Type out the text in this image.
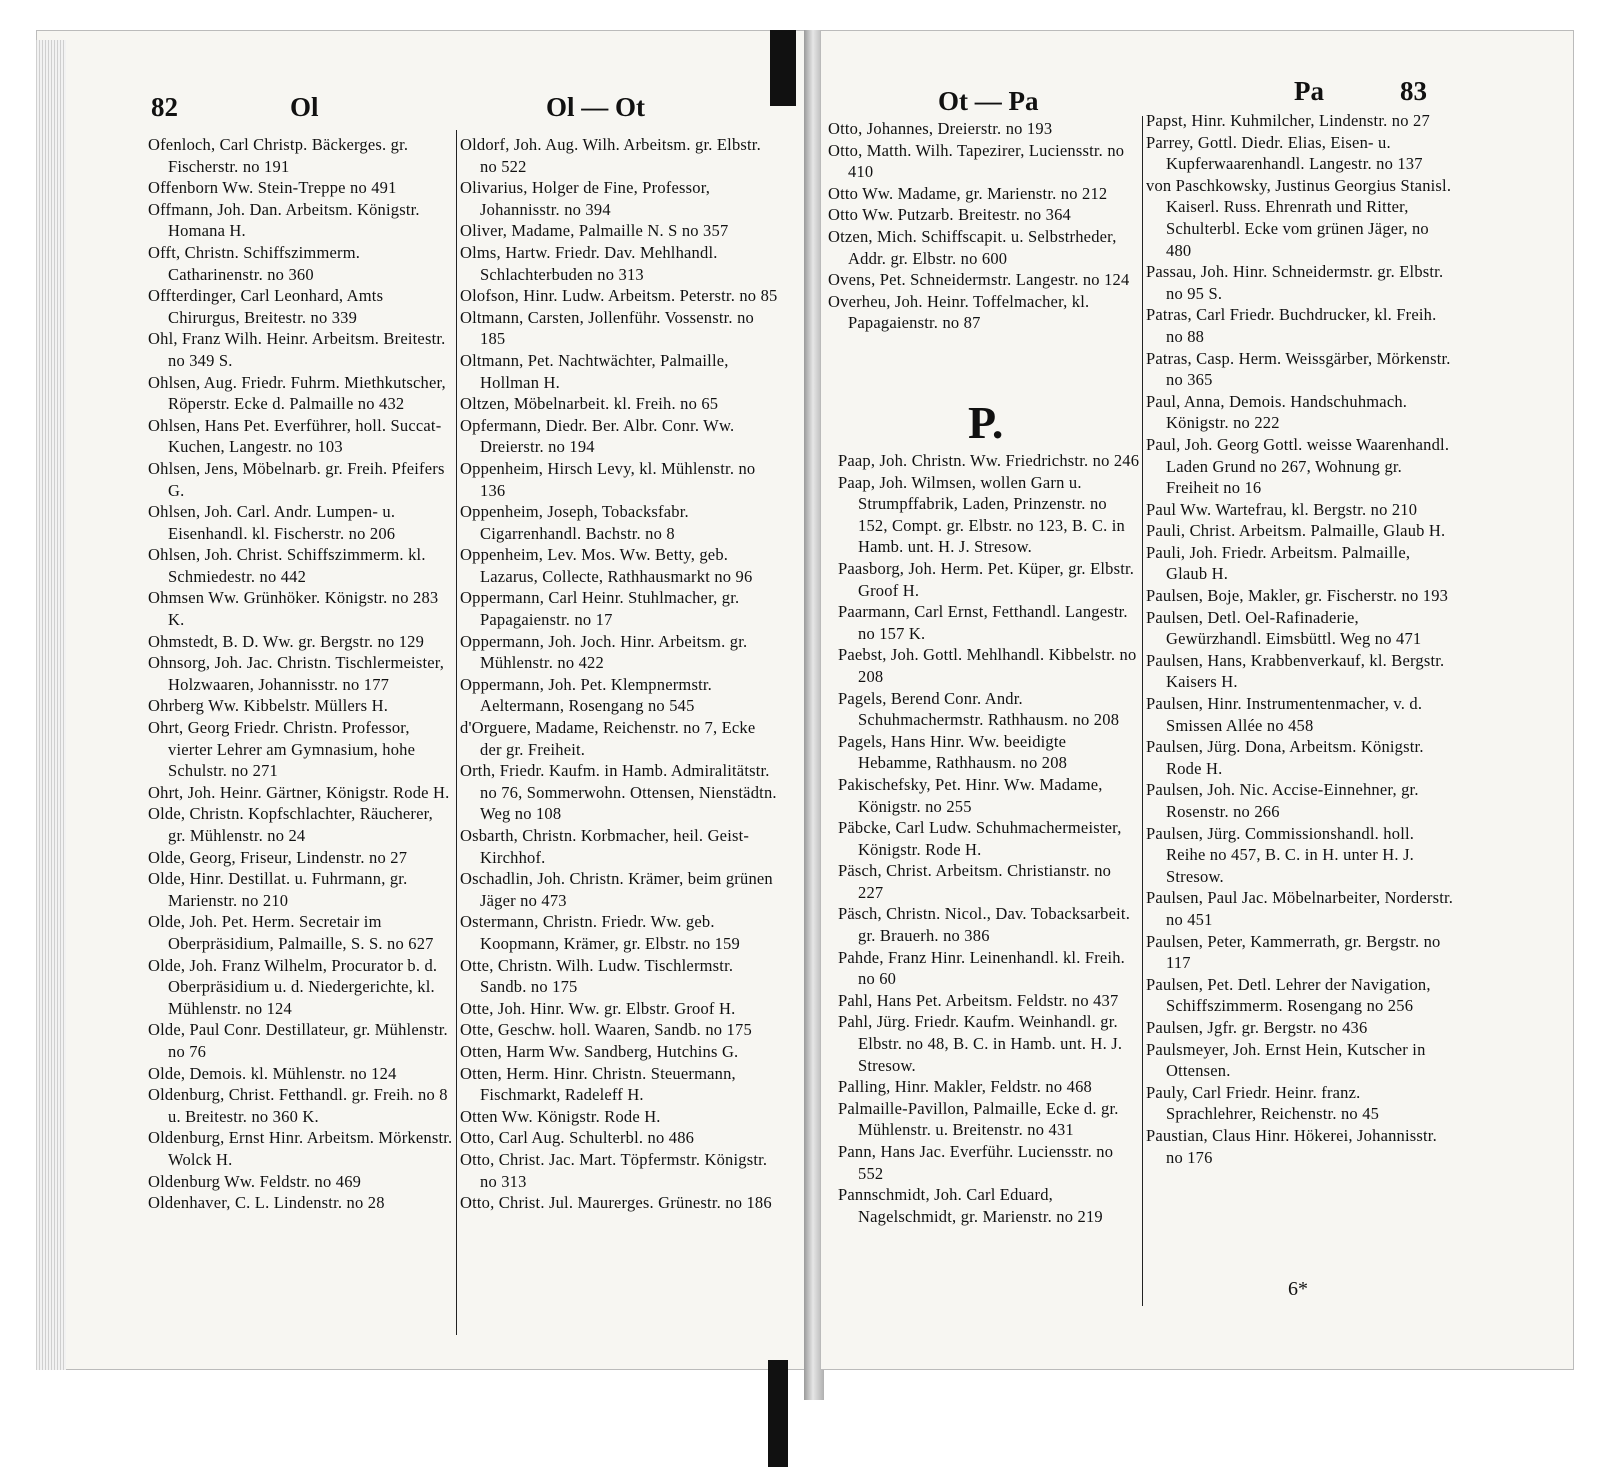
82	Ol	Ol — Ot

Ofenloch, Carl Christp. Bäckerges. gr. Fischerstr. no 191

Offenborn Ww. Stein-Treppe no 491

Offmann, Joh. Dan. Arbeitsm. Königstr. Homana H.

Offt, Christn. Schiffszimmerm. Catharinenstr. no 360

Offterdinger, Carl Leonhard, Amts Chirurgus, Breitestr. no 339

Ohl, Franz Wilh. Heinr. Arbeitsm. Breitestr. no 349 S.

Ohlsen, Aug. Friedr. Fuhrm. Miethkutscher, Röperstr. Ecke d. Palmaille no 432

Ohlsen, Hans Pet. Everführer, holl. Succat-Kuchen, Langestr. no 103

Ohlsen, Jens, Möbelnarb. gr. Freih. Pfeifers G.

Ohlsen, Joh. Carl. Andr. Lumpen- u. Eisenhandl. kl. Fischerstr. no 206

Ohlsen, Joh. Christ. Schiffszimmerm. kl. Schmiedestr. no 442

Ohmsen Ww. Grünhöker. Königstr. no 283 K.

Ohmstedt, B. D. Ww. gr. Bergstr. no 129

Ohnsorg, Joh. Jac. Christn. Tischlermeister, Holzwaaren, Johannisstr. no 177

Ohrberg Ww. Kibbelstr. Müllers H.

Ohrt, Georg Friedr. Christn. Professor, vierter Lehrer am Gymnasium, hohe Schulstr. no 271

Ohrt, Joh. Heinr. Gärtner, Königstr. Rode H.

Olde, Christn. Kopfschlachter, Räucherer, gr. Mühlenstr. no 24

Olde, Georg, Friseur, Lindenstr. no 27

Olde, Hinr. Destillat. u. Fuhrmann, gr. Marienstr. no 210

Olde, Joh. Pet. Herm. Secretair im Oberpräsidium, Palmaille, S. S. no 627

Olde, Joh. Franz Wilhelm, Procurator b. d. Oberpräsidium u. d. Niedergerichte, kl. Mühlenstr. no 124

Olde, Paul Conr. Destillateur, gr. Mühlenstr. no 76

Olde, Demois. kl. Mühlenstr. no 124

Oldenburg, Christ. Fetthandl. gr. Freih. no 8 u. Breitestr. no 360 K.

Oldenburg, Ernst Hinr. Arbeitsm. Mörkenstr. Wolck H.

Oldenburg Ww. Feldstr. no 469

Oldenhaver, C. L. Lindenstr. no 28

Oldorf, Joh. Aug. Wilh. Arbeitsm. gr. Elbstr. no 522

Olivarius, Holger de Fine, Professor, Johannisstr. no 394

Oliver, Madame, Palmaille N. S no 357

Olms, Hartw. Friedr. Dav. Mehlhandl. Schlachterbuden no 313

Olofson, Hinr. Ludw. Arbeitsm. Peterstr. no 85

Oltmann, Carsten, Jollenführ. Vossenstr. no 185

Oltmann, Pet. Nachtwächter, Palmaille, Hollman H.

Oltzen, Möbelnarbeit. kl. Freih. no 65

Opfermann, Diedr. Ber. Albr. Conr. Ww. Dreierstr. no 194

Oppenheim, Hirsch Levy, kl. Mühlenstr. no 136

Oppenheim, Joseph, Tobacksfabr. Cigarrenhandl. Bachstr. no 8

Oppenheim, Lev. Mos. Ww. Betty, geb. Lazarus, Collecte, Rathhausmarkt no 96

Oppermann, Carl Heinr. Stuhlmacher, gr. Papagaienstr. no 17

Oppermann, Joh. Joch. Hinr. Arbeitsm. gr. Mühlenstr. no 422

Oppermann, Joh. Pet. Klempnermstr. Aeltermann, Rosengang no 545

d'Orguere, Madame, Reichenstr. no 7, Ecke der gr. Freiheit.

Orth, Friedr. Kaufm. in Hamb. Admiralitätstr. no 76, Sommerwohn. Ottensen, Nienstädtn. Weg no 108

Osbarth, Christn. Korbmacher, heil. Geist-Kirchhof.

Oschadlin, Joh. Christn. Krämer, beim grünen Jäger no 473

Ostermann, Christn. Friedr. Ww. geb. Koopmann, Krämer, gr. Elbstr. no 159

Otte, Christn. Wilh. Ludw. Tischlermstr. Sandb. no 175

Otte, Joh. Hinr. Ww. gr. Elbstr. Groof H.

Otte, Geschw. holl. Waaren, Sandb. no 175

Otten, Harm Ww. Sandberg, Hutchins G.

Otten, Herm. Hinr. Christn. Steuermann, Fischmarkt, Radeleff H.

Otten Ww. Königstr. Rode H.

Otto, Carl Aug. Schulterbl. no 486

Otto, Christ. Jac. Mart. Töpfermstr. Königstr. no 313

Otto, Christ. Jul. Maurerges. Grünestr. no 186

Ot — Pa	Pa	83

Otto, Johannes, Dreierstr. no 193

Otto, Matth. Wilh. Tapezirer, Luciensstr. no 410

Otto Ww. Madame, gr. Marienstr. no 212

Otto Ww. Putzarb. Breitestr. no 364

Otzen, Mich. Schiffscapit. u. Selbstrheder, Addr. gr. Elbstr. no 600

Ovens, Pet. Schneidermstr. Langestr. no 124

Overheu, Joh. Heinr. Toffelmacher, kl. Papagaienstr. no 87

P.

Paap, Joh. Christn. Ww. Friedrichstr. no 246

Paap, Joh. Wilmsen, wollen Garn u. Strumpffabrik, Laden, Prinzenstr. no 152, Compt. gr. Elbstr. no 123, B. C. in Hamb. unt. H. J. Stresow.

Paasborg, Joh. Herm. Pet. Küper, gr. Elbstr. Groof H.

Paarmann, Carl Ernst, Fetthandl. Langestr. no 157 K.

Paebst, Joh. Gottl. Mehlhandl. Kibbelstr. no 208

Pagels, Berend Conr. Andr. Schuhmachermstr. Rathhausm. no 208

Pagels, Hans Hinr. Ww. beeidigte Hebamme, Rathhausm. no 208

Pakischefsky, Pet. Hinr. Ww. Madame, Königstr. no 255

Päbcke, Carl Ludw. Schuhmachermeister, Königstr. Rode H.

Päsch, Christ. Arbeitsm. Christianstr. no 227

Päsch, Christn. Nicol., Dav. Tobacksarbeit. gr. Brauerh. no 386

Pahde, Franz Hinr. Leinenhandl. kl. Freih. no 60

Pahl, Hans Pet. Arbeitsm. Feldstr. no 437

Pahl, Jürg. Friedr. Kaufm. Weinhandl. gr. Elbstr. no 48, B. C. in Hamb. unt. H. J. Stresow.

Palling, Hinr. Makler, Feldstr. no 468

Palmaille-Pavillon, Palmaille, Ecke d. gr. Mühlenstr. u. Breitenstr. no 431

Pann, Hans Jac. Everführ. Luciensstr. no 552

Pannschmidt, Joh. Carl Eduard, Nagelschmidt, gr. Marienstr. no 219

Papst, Hinr. Kuhmilcher, Lindenstr. no 27

Parrey, Gottl. Diedr. Elias, Eisen- u. Kupferwaarenhandl. Langestr. no 137

von Paschkowsky, Justinus Georgius Stanisl. Kaiserl. Russ. Ehrenrath und Ritter, Schulterbl. Ecke vom grünen Jäger, no 480

Passau, Joh. Hinr. Schneidermstr. gr. Elbstr. no 95 S.

Patras, Carl Friedr. Buchdrucker, kl. Freih. no 88

Patras, Casp. Herm. Weissgärber, Mörkenstr. no 365

Paul, Anna, Demois. Handschuhmach. Königstr. no 222

Paul, Joh. Georg Gottl. weisse Waarenhandl. Laden Grund no 267, Wohnung gr. Freiheit no 16

Paul Ww. Wartefrau, kl. Bergstr. no 210

Pauli, Christ. Arbeitsm. Palmaille, Glaub H.

Pauli, Joh. Friedr. Arbeitsm. Palmaille, Glaub H.

Paulsen, Boje, Makler, gr. Fischerstr. no 193

Paulsen, Detl. Oel-Rafinaderie, Gewürzhandl. Eimsbüttl. Weg no 471

Paulsen, Hans, Krabbenverkauf, kl. Bergstr. Kaisers H.

Paulsen, Hinr. Instrumentenmacher, v. d. Smissen Allée no 458

Paulsen, Jürg. Dona, Arbeitsm. Königstr. Rode H.

Paulsen, Joh. Nic. Accise-Einnehner, gr. Rosenstr. no 266

Paulsen, Jürg. Commissionshandl. holl. Reihe no 457, B. C. in H. unter H. J. Stresow.

Paulsen, Paul Jac. Möbelnarbeiter, Norderstr. no 451

Paulsen, Peter, Kammerrath, gr. Bergstr. no 117

Paulsen, Pet. Detl. Lehrer der Navigation, Schiffszimmerm. Rosengang no 256

Paulsen, Jgfr. gr. Bergstr. no 436

Paulsmeyer, Joh. Ernst Hein, Kutscher in Ottensen.

Pauly, Carl Friedr. Heinr. franz. Sprachlehrer, Reichenstr. no 45

Paustian, Claus Hinr. Hökerei, Johannisstr. no 176

6*
